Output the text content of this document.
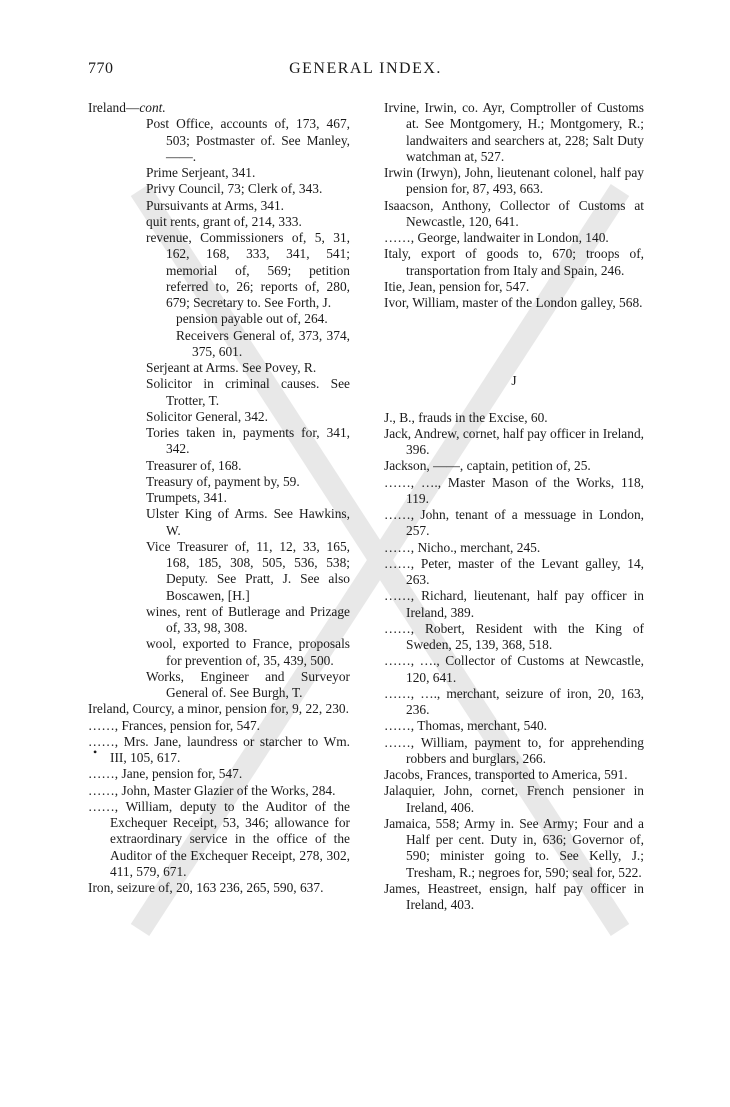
770	GENERAL INDEX.
•
Ireland—cont.
Post Office, accounts of, 173, 467, 503; Postmaster of. See Manley, ——.
Prime Serjeant, 341.
Privy Council, 73; Clerk of, 343.
Pursuivants at Arms, 341.
quit rents, grant of, 214, 333.
revenue, Commissioners of, 5, 31, 162, 168, 333, 341, 541; memorial of, 569; petition referred to, 26; reports of, 280, 679; Secretary to. See Forth, J.
pension payable out of, 264.
Receivers General of, 373, 374, 375, 601.
Serjeant at Arms. See Povey, R.
Solicitor in criminal causes. See Trotter, T.
Solicitor General, 342.
Tories taken in, payments for, 341, 342.
Treasurer of, 168.
Treasury of, payment by, 59.
Trumpets, 341.
Ulster King of Arms. See Hawkins, W.
Vice Treasurer of, 11, 12, 33, 165, 168, 185, 308, 505, 536, 538; Deputy. See Pratt, J. See also Boscawen, [H.]
wines, rent of Butlerage and Prizage of, 33, 98, 308.
wool, exported to France, proposals for prevention of, 35, 439, 500.
Works, Engineer and Surveyor General of. See Burgh, T.
Ireland, Courcy, a minor, pension for, 9, 22, 230.
……, Frances, pension for, 547.
……, Mrs. Jane, laundress or starcher to Wm. III, 105, 617.
……, Jane, pension for, 547.
……, John, Master Glazier of the Works, 284.
……, William, deputy to the Auditor of the Exchequer Receipt, 53, 346; allowance for extraordinary service in the office of the Auditor of the Exchequer Receipt, 278, 302, 411, 579, 671.
Iron, seizure of, 20, 163 236, 265, 590, 637.
Irvine, Irwin, co. Ayr, Comptroller of Customs at. See Montgomery, H.; Montgomery, R.; landwaiters and searchers at, 228; Salt Duty watchman at, 527.
Irwin (Irwyn), John, lieutenant colonel, half pay pension for, 87, 493, 663.
Isaacson, Anthony, Collector of Customs at Newcastle, 120, 641.
……, George, landwaiter in London, 140.
Italy, export of goods to, 670; troops of, transportation from Italy and Spain, 246.
Itie, Jean, pension for, 547.
Ivor, William, master of the London galley, 568.
J
J., B., frauds in the Excise, 60.
Jack, Andrew, cornet, half pay officer in Ireland, 396.
Jackson, ——, captain, petition of, 25.
……, …., Master Mason of the Works, 118, 119.
……, John, tenant of a messuage in London, 257.
……, Nicho., merchant, 245.
……, Peter, master of the Levant galley, 14, 263.
……, Richard, lieutenant, half pay officer in Ireland, 389.
……, Robert, Resident with the King of Sweden, 25, 139, 368, 518.
……, …., Collector of Customs at Newcastle, 120, 641.
……, …., merchant, seizure of iron, 20, 163, 236.
……, Thomas, merchant, 540.
……, William, payment to, for apprehending robbers and burglars, 266.
Jacobs, Frances, transported to America, 591.
Jalaquier, John, cornet, French pensioner in Ireland, 406.
Jamaica, 558; Army in. See Army; Four and a Half per cent. Duty in, 636; Governor of, 590; minister going to. See Kelly, J.; Tresham, R.; negroes for, 590; seal for, 522.
James, Heastreet, ensign, half pay officer in Ireland, 403.
